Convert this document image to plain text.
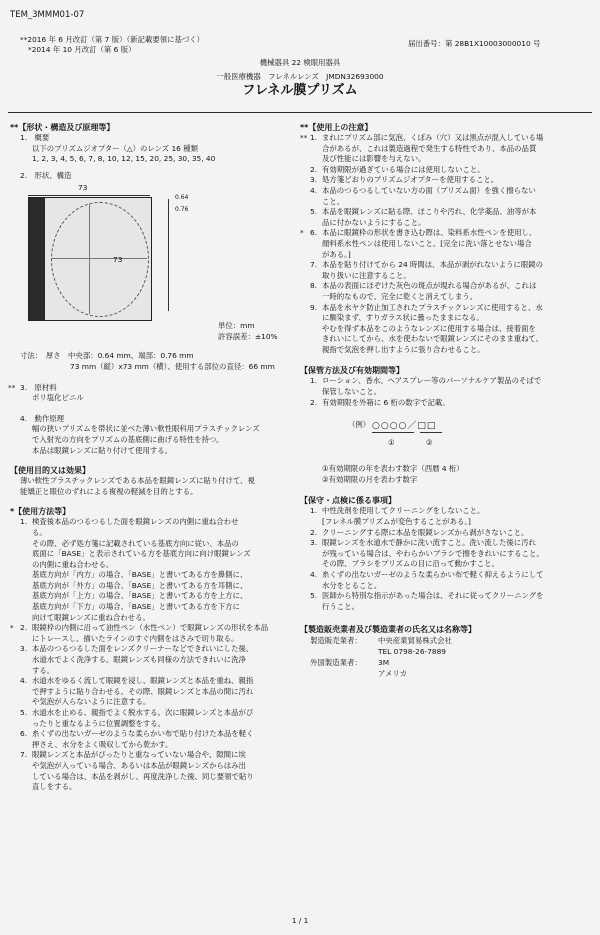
TEM_3MMM01-07
**2016 年 6 月改訂（第 7 版）（新記載要領に基づく）
*2014 年 10 月改訂（第 6 版）
届出番号：第 28B1X10003000010 号
機械器具 22 検眼用器具
一般医療機器　フレネルレンズ　JMDN32693000
フレネル膜プリズム

**【形状・構造及び原理等】

1.　概要

以下のプリズムジオプター（△）のレンズ 16 種類

1, 2, 3, 4, 5, 6, 7, 8, 10, 12, 15, 20, 25, 30, 35, 40

2.　形状、構造

73
73
0.64
0.76
単位：mm
許容誤差：±10%

寸法：　厚さ　中央部：0.64 mm、端部：0.76 mm

73 mm（縦）x73 mm（横）、使用する部位の直径：66 mm

** 3.　原材料

ポリ塩化ビニル

4.　動作原理

幅の狭いプリズムを帯状に並べた薄い軟性眼科用プラスチックレンズ

で入射光の方向をプリズムの基底側に曲げる特性を持つ。

本品は眼鏡レンズに貼り付けて使用する。

【使用目的又は効果】

薄い軟性プラスチックレンズである本品を眼鏡レンズに貼り付けて、視

能矯正と眼位のずれによる複視の軽減を目的とする。

*【使用方法等】

1. 検査後本品のつるつるした面を眼鏡レンズの内側に重ね合わせ
る。
その際、必ず処方箋に記載されている基底方向に従い、本品の
底面に「BASE」と表示されている方を基底方向に向け眼鏡レンズ
の内側に重ね合わせる。
基底方向が「内方」の場合、「BASE」と書いてある方を鼻側に、
基底方向が「外方」の場合、「BASE」と書いてある方を耳側に、
基底方向が「上方」の場合、「BASE」と書いてある方を上方に、
基底方向が「下方」の場合、「BASE」と書いてある方を下方に
向けて眼鏡レンズに重ね合わせる。
* 2. 眼鏡枠の内側に沿って油性ペン（水性ペン）で眼鏡レンズの形状を本品
にトレースし、描いたラインのすぐ内側をはさみで切り取る。
3. 本品のつるつるした面をレンズクリーナーなどできれいにした後、
水道水でよく洗浄する。眼鏡レンズも同様の方法できれいに洗浄
する。
4. 水道水をゆるく流して眼鏡を浸し、眼鏡レンズと本品を重ね、親指
で押すように貼り合わせる。その際、眼鏡レンズと本品の間に汚れ
や気泡が入らないように注意する。
5. 水道水を止める、親指でよく脱水する。次に眼鏡レンズと本品がぴ
ったりと重なるように位置調整をする。
6. 糸くずの出ないガーゼのような柔らかい布で貼り付けた本品を軽く
押さえ、水分をよく吸収してから乾かす。
7. 眼鏡レンズと本品がぴったりと重なっていない場合や、隙間に埃
や気泡が入っている場合、あるいは本品が眼鏡レンズからはみ出
している場合は、本品を剥がし、再度洗浄した後、同じ要領で貼り
直しをする。

**【使用上の注意】

** 1. まれにプリズム部に気泡、くぼみ（穴）又は黒点が混入している場
合があるが、これは製造過程で発生する特性であり、本品の品質
及び性能には影響を与えない。
2. 有効期限が過ぎている場合には使用しないこと。
3. 処方箋どおりのプリズムジオプターを使用すること。
4. 本品のつるつるしていない方の面（プリズム面）を強く擦らない
こと。
5. 本品を眼鏡レンズに貼る際、ほこりや汚れ、化学薬品、油等が本
品に付かないようにすること。
* 6. 本品に眼鏡枠の形状を書き込む際は、染料系水性ペンを使用し、
顔料系水性ペンは使用しないこと。[完全に洗い落とせない場合
がある。]
7. 本品を貼り付けてから 24 時間は、本品が剥がれないように眼鏡の
取り扱いに注意すること。
8. 本品の表面にほぞけた灰色の斑点が現れる場合があるが、これは
一時的なもので、完全に乾くと消えてしまう。
9. 本品を水ヤケ防止加工されたプラスチックレンズに使用すると、水
に馴染まず、すりガラス状に曇ったままになる。
やむを得ず本品をこのようなレンズに使用する場合は、接着面を
きれいにしてから、水を使わないで眼鏡レンズにそのまま重ねて、
親指で気泡を押し出すように張り合わせること。

【保管方法及び有効期間等】

1. ローション、香水、ヘアスプレー等のパーソナルケア製品のそばで
保管しないこと。
2. 有効期限を外箱に 6 桁の数字で記載。
（例） ○○○○／□□
①	②

①有効期限の年を表わす数字（西暦 4 桁）

②有効期限の月を表わす数字

【保守・点検に係る事項】

1. 中性洗剤を使用してクリーニングをしないこと。
[フレネル膜プリズムが変色することがある。]
2. クリーニングする際に本品を眼鏡レンズから剥がさないこと。
3. 眼鏡レンズを水道水で静かに洗い流すこと。洗い流した後に汚れ
が残っている場合は、やわらかいブラシで擦をきれいにすること。
その際、ブラシをプリズムの目に沿って動かすこと。
4. 糸くずの出ないガーゼのような柔らかい布で軽く抑えるようにして
水分をとること。
5. 医師から特別な指示があった場合は、それに従ってクリーニングを
行うこと。

【製造販売業者及び製造業者の氏名又は名称等】

製造販売業者： 中央産業貿易株式会社
TEL 0798-26-7889
外国製造業者： 3M
アメリカ
1 / 1
